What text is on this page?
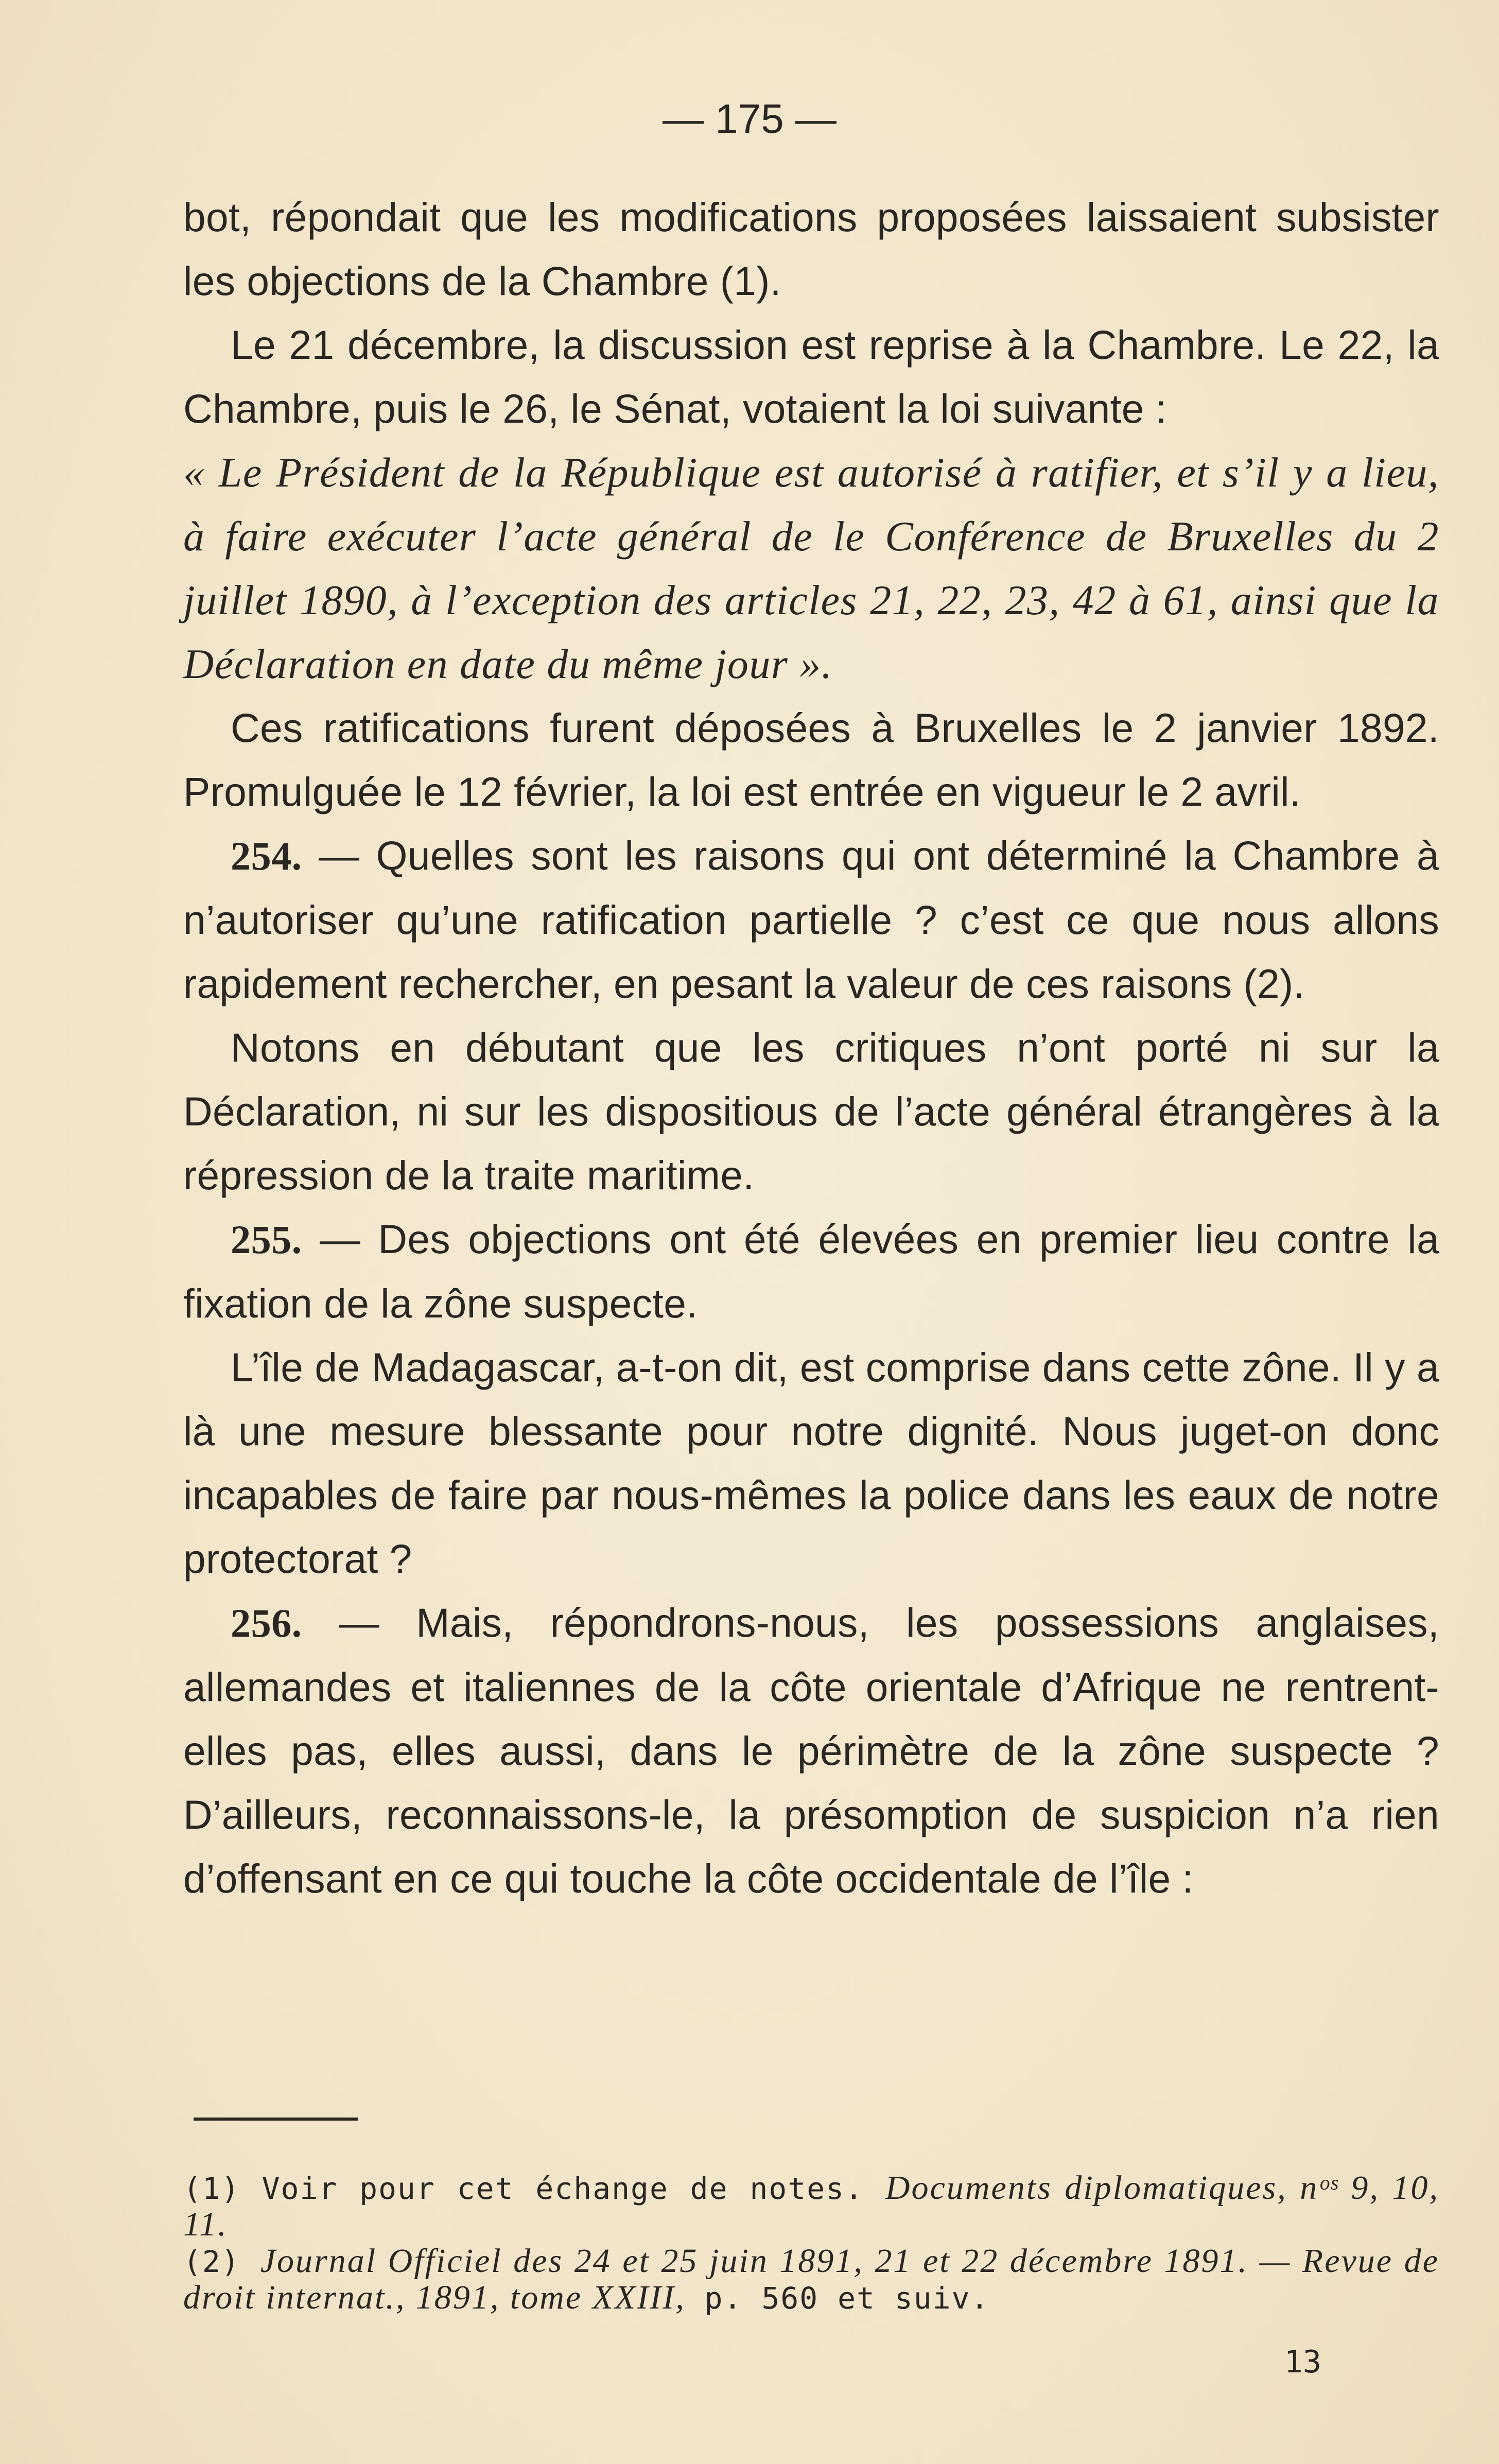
— 175 —

bot, répondait que les modifications proposées laissaient subsister les objections de la Chambre (1).

Le 21 décembre, la discussion est reprise à la Chambre. Le 22, la Chambre, puis le 26, le Sénat, votaient la loi suivante :

« Le Président de la République est autorisé à ratifier, et s’il y a lieu, à faire exécuter l’acte général de le Conférence de Bruxelles du 2 juillet 1890, à l’exception des articles 21, 22, 23, 42 à 61, ainsi que la Déclaration en date du même jour ».

Ces ratifications furent déposées à Bruxelles le 2 janvier 1892. Promulguée le 12 février, la loi est entrée en vigueur le 2 avril.

254. — Quelles sont les raisons qui ont déterminé la Chambre à n’autoriser qu’une ratification partielle ? c’est ce que nous allons rapidement rechercher, en pesant la valeur de ces raisons (2).

Notons en débutant que les critiques n’ont porté ni sur la Déclaration, ni sur les dispositious de l’acte général étrangères à la répression de la traite maritime.

255. — Des objections ont été élevées en premier lieu contre la fixation de la zône suspecte.

L’île de Madagascar, a-t-on dit, est comprise dans cette zône. Il y a là une mesure blessante pour notre dignité. Nous juget-on donc incapables de faire par nous-mêmes la police dans les eaux de notre protectorat ?

256. — Mais, répondrons-nous, les possessions anglaises, allemandes et italiennes de la côte orientale d’Afrique ne rentrent-elles pas, elles aussi, dans le périmètre de la zône suspecte ? D’ailleurs, reconnaissons-le, la présomption de suspicion n’a rien d’offensant en ce qui touche la côte occidentale de l’île :

(1) Voir pour cet échange de notes. Documents diplomatiques, nᵒˢ 9, 10, 11.

(2) Journal Officiel des 24 et 25 juin 1891, 21 et 22 décembre 1891. — Revue de droit internat., 1891, tome XXIII, p. 560 et suiv.

13
